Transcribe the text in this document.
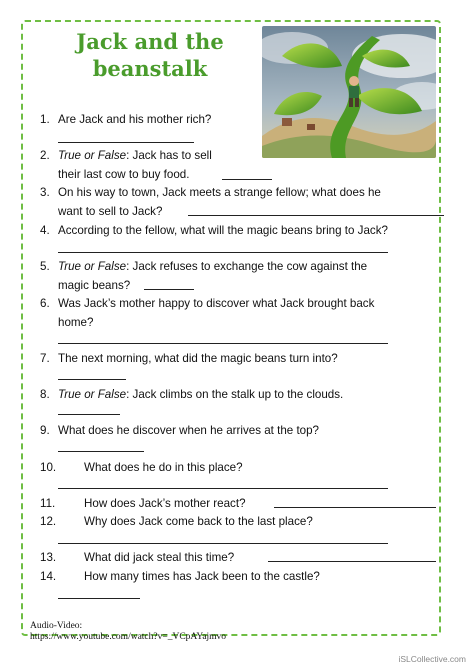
Jack and the
beanstalk
1. Are Jack and his mother rich?
2. True or False: Jack has to sell
their last cow to buy food.
3. On his way to town, Jack meets a strange fellow; what does he
want to sell to Jack?
4. According to the fellow, what will the magic beans bring to Jack?
5. True or False: Jack refuses to exchange the cow against the
magic beans?
6. Was Jack’s mother happy to discover what Jack brought back
home?
7. The next morning, what did the magic beans turn into?
8. True or False: Jack climbs on the stalk up to the clouds.
9. What does he discover when he arrives at the top?
10. What does he do in this place?
11. How does Jack’s mother react?
12. Why does Jack come back to the last place?
13. What did jack steal this time?
14. How many times has Jack been to the castle?
Audio-Video:
https://www.youtube.com/watch?v=_VCpAYajmvo
iSLCollective.com
